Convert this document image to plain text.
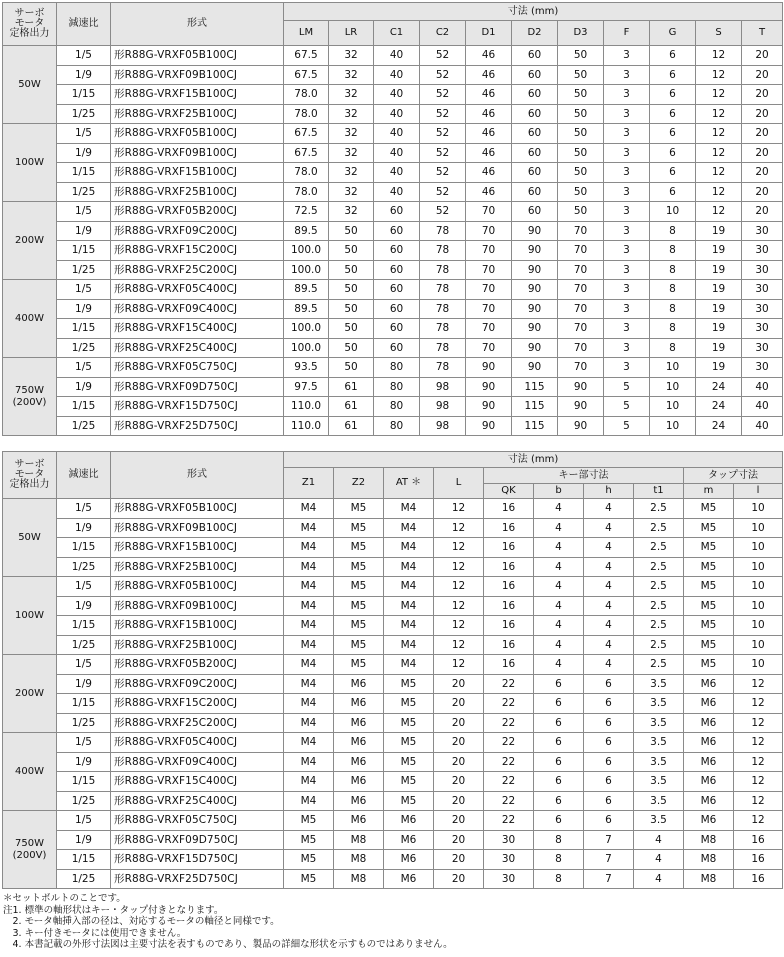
サーボ
モータ
定格出力	減速比	形式	寸法 (mm)										
			LM	LR	C1	C2	D1	D2	D3	F	G	S	T

50W	1/5	形R88G-VRXF05B100CJ	67.5	32	40	52	46	60	50	3	6	12	20
	1/9	形R88G-VRXF09B100CJ	67.5	32	40	52	46	60	50	3	6	12	20
	1/15	形R88G-VRXF15B100CJ	78.0	32	40	52	46	60	50	3	6	12	20
	1/25	形R88G-VRXF25B100CJ	78.0	32	40	52	46	60	50	3	6	12	20

100W	1/5	形R88G-VRXF05B100CJ	67.5	32	40	52	46	60	50	3	6	12	20
	1/9	形R88G-VRXF09B100CJ	67.5	32	40	52	46	60	50	3	6	12	20
	1/15	形R88G-VRXF15B100CJ	78.0	32	40	52	46	60	50	3	6	12	20
	1/25	形R88G-VRXF25B100CJ	78.0	32	40	52	46	60	50	3	6	12	20

200W	1/5	形R88G-VRXF05B200CJ	72.5	32	60	52	70	60	50	3	10	12	20
	1/9	形R88G-VRXF09C200CJ	89.5	50	60	78	70	90	70	3	8	19	30
	1/15	形R88G-VRXF15C200CJ	100.0	50	60	78	70	90	70	3	8	19	30
	1/25	形R88G-VRXF25C200CJ	100.0	50	60	78	70	90	70	3	8	19	30

400W	1/5	形R88G-VRXF05C400CJ	89.5	50	60	78	70	90	70	3	8	19	30
	1/9	形R88G-VRXF09C400CJ	89.5	50	60	78	70	90	70	3	8	19	30
	1/15	形R88G-VRXF15C400CJ	100.0	50	60	78	70	90	70	3	8	19	30
	1/25	形R88G-VRXF25C400CJ	100.0	50	60	78	70	90	70	3	8	19	30

750W
(200V)	1/5	形R88G-VRXF05C750CJ	93.5	50	80	78	90	90	70	3	10	19	30
	1/9	形R88G-VRXF09D750CJ	97.5	61	80	98	90	115	90	5	10	24	40
	1/15	形R88G-VRXF15D750CJ	110.0	61	80	98	90	115	90	5	10	24	40
	1/25	形R88G-VRXF25D750CJ	110.0	61	80	98	90	115	90	5	10	24	40
サーボ
モータ
定格出力	減速比	形式	寸法 (mm)									
			Z1	Z2	AT ＊	L	キー部寸法				タップ寸法	
							QK	b	h	t1	m	l

50W	1/5	形R88G-VRXF05B100CJ	M4	M5	M4	12	16	4	4	2.5	M5	10
	1/9	形R88G-VRXF09B100CJ	M4	M5	M4	12	16	4	4	2.5	M5	10
	1/15	形R88G-VRXF15B100CJ	M4	M5	M4	12	16	4	4	2.5	M5	10
	1/25	形R88G-VRXF25B100CJ	M4	M5	M4	12	16	4	4	2.5	M5	10

100W	1/5	形R88G-VRXF05B100CJ	M4	M5	M4	12	16	4	4	2.5	M5	10
	1/9	形R88G-VRXF09B100CJ	M4	M5	M4	12	16	4	4	2.5	M5	10
	1/15	形R88G-VRXF15B100CJ	M4	M5	M4	12	16	4	4	2.5	M5	10
	1/25	形R88G-VRXF25B100CJ	M4	M5	M4	12	16	4	4	2.5	M5	10

200W	1/5	形R88G-VRXF05B200CJ	M4	M5	M4	12	16	4	4	2.5	M5	10
	1/9	形R88G-VRXF09C200CJ	M4	M6	M5	20	22	6	6	3.5	M6	12
	1/15	形R88G-VRXF15C200CJ	M4	M6	M5	20	22	6	6	3.5	M6	12
	1/25	形R88G-VRXF25C200CJ	M4	M6	M5	20	22	6	6	3.5	M6	12

400W	1/5	形R88G-VRXF05C400CJ	M4	M6	M5	20	22	6	6	3.5	M6	12
	1/9	形R88G-VRXF09C400CJ	M4	M6	M5	20	22	6	6	3.5	M6	12
	1/15	形R88G-VRXF15C400CJ	M4	M6	M5	20	22	6	6	3.5	M6	12
	1/25	形R88G-VRXF25C400CJ	M4	M6	M5	20	22	6	6	3.5	M6	12

750W
(200V)	1/5	形R88G-VRXF05C750CJ	M5	M6	M6	20	22	6	6	3.5	M6	12
	1/9	形R88G-VRXF09D750CJ	M5	M8	M6	20	30	8	7	4	M8	16
	1/15	形R88G-VRXF15D750CJ	M5	M8	M6	20	30	8	7	4	M8	16
	1/25	形R88G-VRXF25D750CJ	M5	M8	M6	20	30	8	7	4	M8	16
＊セットボルトのことです。
注1. 標準の軸形状はキー・タップ付きとなります。
　2. モータ軸挿入部の径は、対応するモータの軸径と同様です。
　3. キー付きモータには使用できません。
　4. 本書記載の外形寸法図は主要寸法を表すものであり、製品の詳細な形状を示すものではありません。
